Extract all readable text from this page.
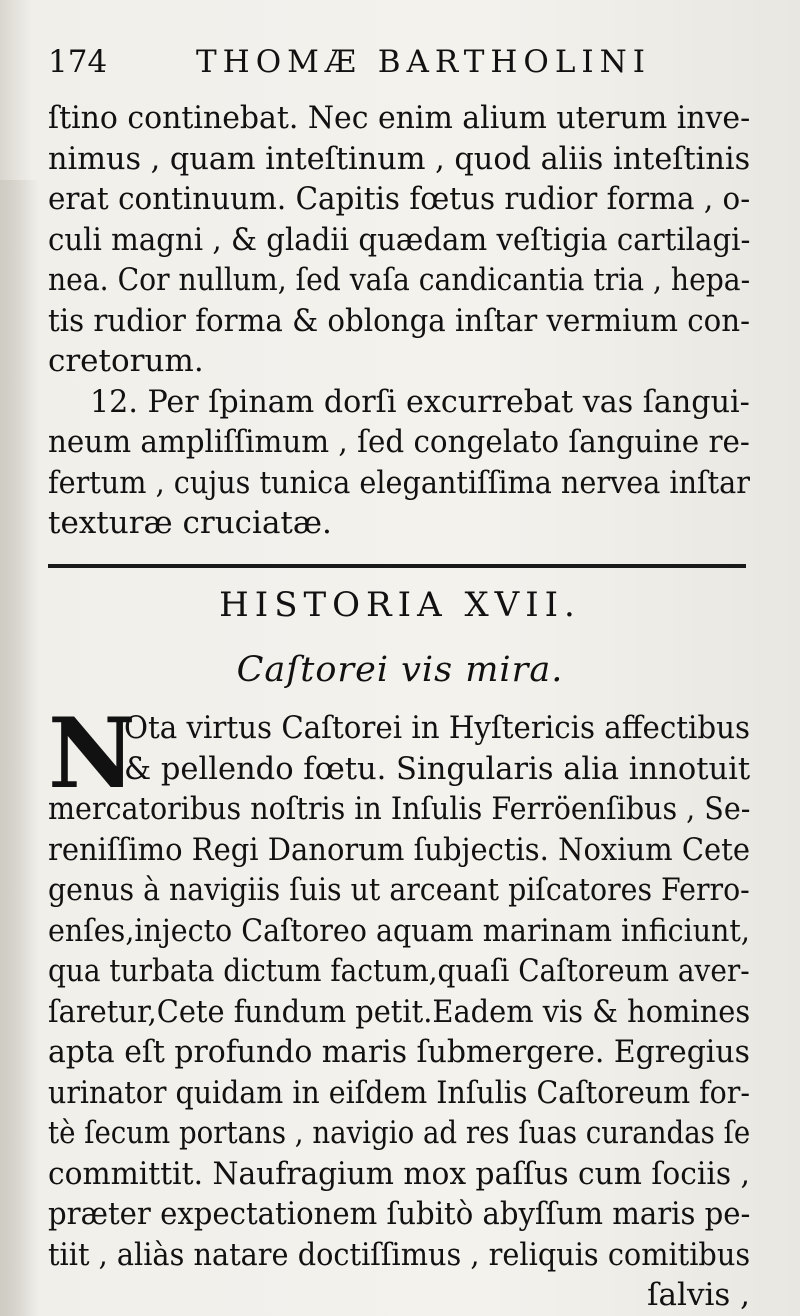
174	THOMÆ BARTHOLINI
ſtino continebat. Nec enim alium uterum inve-
nimus , quam inteſtinum , quod aliis inteſtinis
erat continuum. Capitis fœtus rudior forma , o-
culi magni , & gladii quædam veſtigia cartilagi-
nea. Cor nullum, ſed vaſa candicantia tria , hepa-
tis rudior forma & oblonga inſtar vermium con-
cretorum.
12. Per ſpinam dorſi excurrebat vas ſangui-
neum ampliſſimum , ſed congelato ſanguine re-
fertum , cujus tunica elegantiſſima nervea inſtar
texturæ cruciatæ.
HISTORIA XVII.
Caſtorei vis mira.
N
Ota virtus Caſtorei in Hyſtericis affectibus
& pellendo fœtu. Singularis alia innotuit
mercatoribus noſtris in Inſulis Ferröenſibus , Se-
reniſſimo Regi Danorum ſubjectis. Noxium Cete
genus à navigiis ſuis ut arceant piſcatores Ferro-
enſes,injecto Caſtoreo aquam marinam inficiunt,
qua turbata dictum factum,quaſi Caſtoreum aver-
ſaretur,Cete fundum petit.Eadem vis & homines
apta eſt profundo maris ſubmergere. Egregius
urinator quidam in eiſdem Inſulis Caſtoreum for-
tè ſecum portans , navigio ad res ſuas curandas ſe
committit. Naufragium mox paſſus cum ſociis ,
præter expectationem ſubitò abyſſum maris pe-
tiit , aliàs natare doctiſſimus , reliquis comitibus
ſalvis ,
